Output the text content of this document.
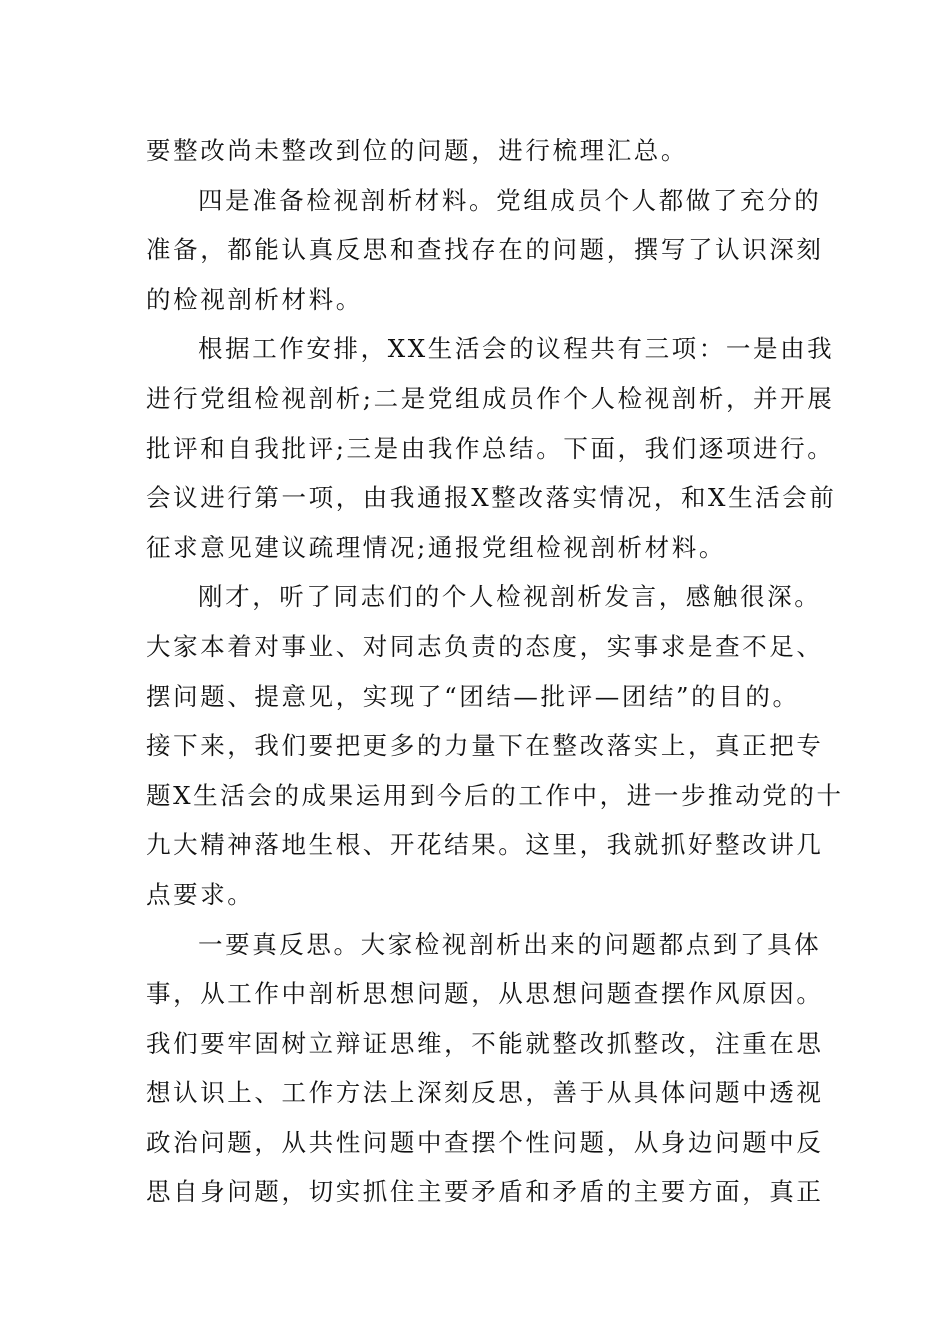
要整改尚未整改到位的问题，进行梳理汇总。
四是准备检视剖析材料。党组成员个人都做了充分的
准备，都能认真反思和查找存在的问题，撰写了认识深刻
的检视剖析材料。
根据工作安排，XX生活会的议程共有三项：一是由我
进行党组检视剖析;二是党组成员作个人检视剖析，并开展
批评和自我批评;三是由我作总结。下面，我们逐项进行。
会议进行第一项，由我通报X整改落实情况，和X生活会前
征求意见建议疏理情况;通报党组检视剖析材料。
刚才，听了同志们的个人检视剖析发言，感触很深。
大家本着对事业、对同志负责的态度，实事求是查不足、
摆问题、提意见，实现了“团结—批评—团结”的目的。
接下来，我们要把更多的力量下在整改落实上，真正把专
题X生活会的成果运用到今后的工作中，进一步推动党的十
九大精神落地生根、开花结果。这里，我就抓好整改讲几
点要求。
一要真反思。大家检视剖析出来的问题都点到了具体
事，从工作中剖析思想问题，从思想问题查摆作风原因。
我们要牢固树立辩证思维，不能就整改抓整改，注重在思
想认识上、工作方法上深刻反思，善于从具体问题中透视
政治问题，从共性问题中查摆个性问题，从身边问题中反
思自身问题，切实抓住主要矛盾和矛盾的主要方面，真正
